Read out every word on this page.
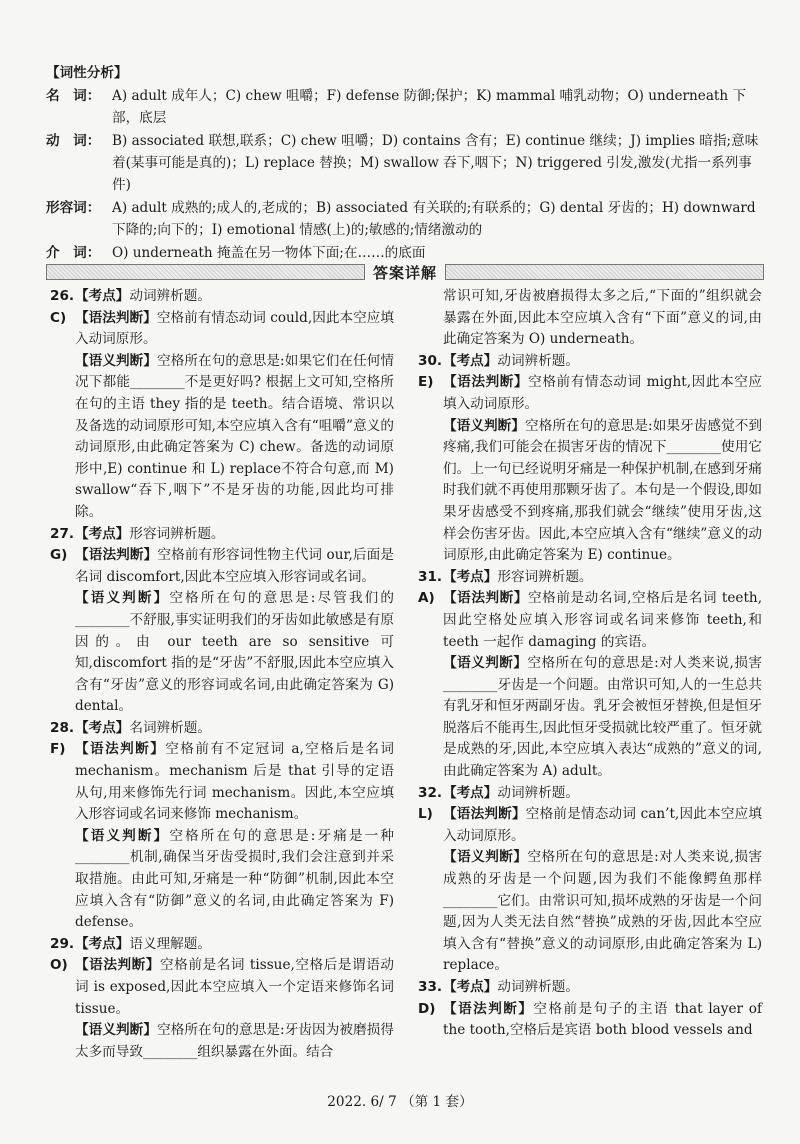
【词性分析】
名　词： A) adult 成年人；C) chew 咀嚼；F) defense 防御;保护；K) mammal 哺乳动物；O) underneath 下部，底层
动　词： B) associated 联想,联系；C) chew 咀嚼；D) contains 含有；E) continue 继续；J) implies 暗指;意味着(某事可能是真的)；L) replace 替换；M) swallow 吞下,咽下；N) triggered 引发,激发(尤指一系列事件)
形容词： A) adult 成熟的;成人的,老成的；B) associated 有关联的;有联系的；G) dental 牙齿的；H) downward 下降的;向下的；I) emotional 情感(上)的;敏感的;情绪激动的
介　词： O) underneath 掩盖在另一物体下面;在……的底面
答案详解
26. 【考点】动词辨析题。
C) 【语法判断】空格前有情态动词 could,因此本空应填入动词原形。
【语义判断】空格所在句的意思是:如果它们在任何情况下都能________不是更好吗? 根据上文可知,空格所在句的主语 they 指的是 teeth。结合语境、常识以及备选的动词原形可知,本空应填入含有“咀嚼”意义的动词原形,由此确定答案为 C) chew。备选的动词原形中,E) continue 和 L) replace不符合句意,而 M) swallow“吞下,咽下”不是牙齿的功能,因此均可排除。
27. 【考点】形容词辨析题。
G) 【语法判断】空格前有形容词性物主代词 our,后面是名词 discomfort,因此本空应填入形容词或名词。
【语义判断】空格所在句的意思是:尽管我们的________不舒服,事实证明我们的牙齿如此敏感是有原因的。由 our teeth are so sensitive 可知,discomfort 指的是“牙齿”不舒服,因此本空应填入含有“牙齿”意义的形容词或名词,由此确定答案为 G) dental。
28. 【考点】名词辨析题。
F) 【语法判断】空格前有不定冠词 a,空格后是名词 mechanism。mechanism 后是 that 引导的定语从句,用来修饰先行词 mechanism。因此,本空应填入形容词或名词来修饰 mechanism。
【语义判断】空格所在句的意思是:牙痛是一种________机制,确保当牙齿受损时,我们会注意到并采取措施。由此可知,牙痛是一种“防御”机制,因此本空应填入含有“防御”意义的名词,由此确定答案为 F) defense。
29. 【考点】语义理解题。
O) 【语法判断】空格前是名词 tissue,空格后是谓语动词 is exposed,因此本空应填入一个定语来修饰名词 tissue。
【语义判断】空格所在句的意思是:牙齿因为被磨损得太多而导致________组织暴露在外面。结合
常识可知,牙齿被磨损得太多之后,“下面的”组织就会暴露在外面,因此本空应填入含有“下面”意义的词,由此确定答案为 O) underneath。
30. 【考点】动词辨析题。
E) 【语法判断】空格前有情态动词 might,因此本空应填入动词原形。
【语义判断】空格所在句的意思是:如果牙齿感觉不到疼痛,我们可能会在损害牙齿的情况下________使用它们。上一句已经说明牙痛是一种保护机制,在感到牙痛时我们就不再使用那颗牙齿了。本句是一个假设,即如果牙齿感受不到疼痛,那我们就会“继续”使用牙齿,这样会伤害牙齿。因此,本空应填入含有“继续”意义的动词原形,由此确定答案为 E) continue。
31. 【考点】形容词辨析题。
A) 【语法判断】空格前是动名词,空格后是名词 teeth,因此空格处应填入形容词或名词来修饰 teeth,和 teeth 一起作 damaging 的宾语。
【语义判断】空格所在句的意思是:对人类来说,损害________牙齿是一个问题。由常识可知,人的一生总共有乳牙和恒牙两副牙齿。乳牙会被恒牙替换,但是恒牙脱落后不能再生,因此恒牙受损就比较严重了。恒牙就是成熟的牙,因此,本空应填入表达“成熟的”意义的词,由此确定答案为 A) adult。
32. 【考点】动词辨析题。
L) 【语法判断】空格前是情态动词 can’t,因此本空应填入动词原形。
【语义判断】空格所在句的意思是:对人类来说,损害成熟的牙齿是一个问题,因为我们不能像鳄鱼那样________它们。由常识可知,损坏成熟的牙齿是一个问题,因为人类无法自然“替换”成熟的牙齿,因此本空应填入含有“替换”意义的动词原形,由此确定答案为 L) replace。
33. 【考点】动词辨析题。
D) 【语法判断】空格前是句子的主语 that layer of the tooth,空格后是宾语 both blood vessels and
2022. 6/ 7 （第 1 套）
